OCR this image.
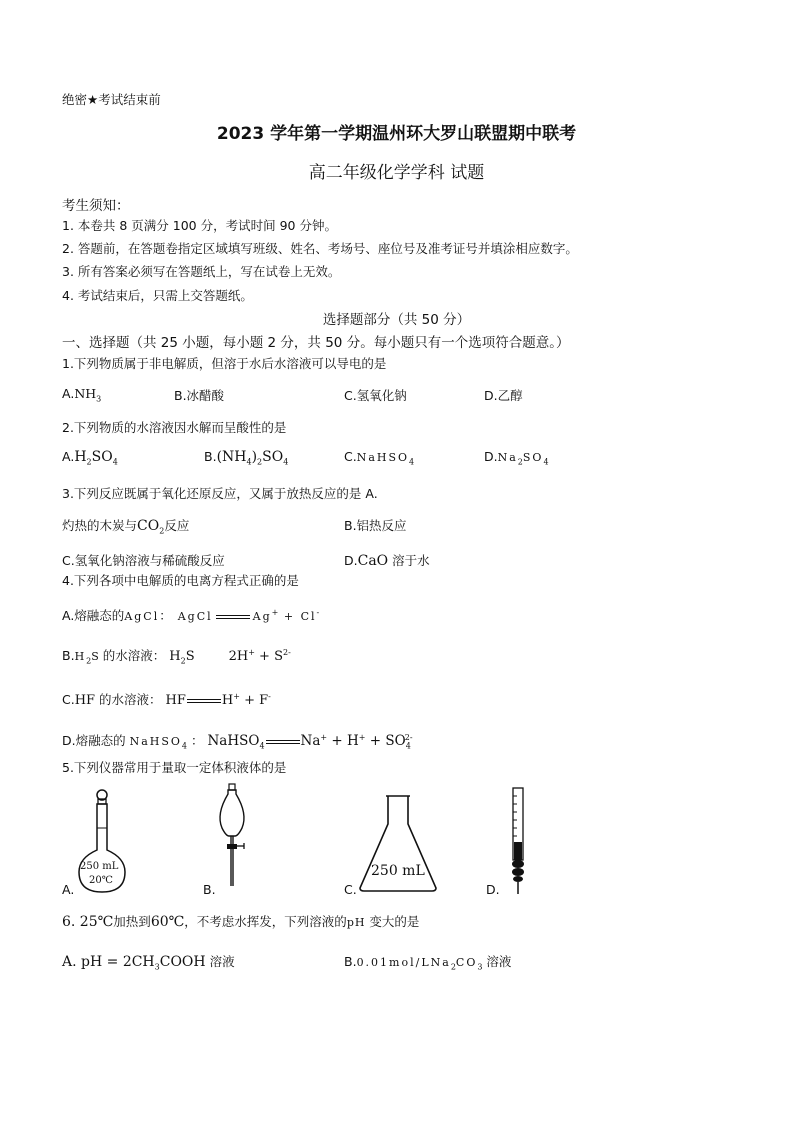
绝密★考试结束前
2023 学年第一学期温州环大罗山联盟期中联考
高二年级化学学科 试题
考生须知：
1. 本卷共 8 页满分 100 分，考试时间 90 分钟。
2. 答题前，在答题卷指定区域填写班级、姓名、考场号、座位号及准考证号并填涂相应数字。
3. 所有答案必须写在答题纸上，写在试卷上无效。
4. 考试结束后，只需上交答题纸。
选择题部分（共 50 分）
一、选择题（共 25 小题，每小题 2 分，共 50 分。每小题只有一个选项符合题意。）
1.下列物质属于非电解质，但溶于水后水溶液可以导电的是
$A.NH_3$	B.冰醋酸	C.氢氧化钠	D.乙醇
2.下列物质的水溶液因水解而呈酸性的是
$A.H_2SO_4$	$B.(NH_4)_2SO_4$	C.NaHSO$_4$	$D.Na_2SO_4$
3.下列反应既属于氧化还原反应，又属于放热反应的是 A.
灼热的木炭与$CO_2$反应	B.铝热反应
C.氢氧化钠溶液与稀硫酸反应	D.CaO 溶于水
4.下列各项中电解质的电离方程式正确的是
A.熔融态的AgCl： AgCl	Ag+ + Cl-
$B.H_2S$ 的水溶液： $H_2S$	$2H^+ + S^{2-}$
C.HF 的水溶液： HF	H+ + F-
D.熔融态的 NaHSO$_4$ ： NaHSO$_4$	$Na^+ + H^+ + SO_4^{2-}$
5.下列仪器常用于量取一定体积液体的是
250 mL
20℃
A.	B.
250 mL
C.	D.
6. 25℃加热到60℃，不考虑水挥发，下列溶液的pH 变大的是
A. pH = $2CH_3COOH$ 溶液	$B.0.01mol/LNa_2CO_3$ 溶液
